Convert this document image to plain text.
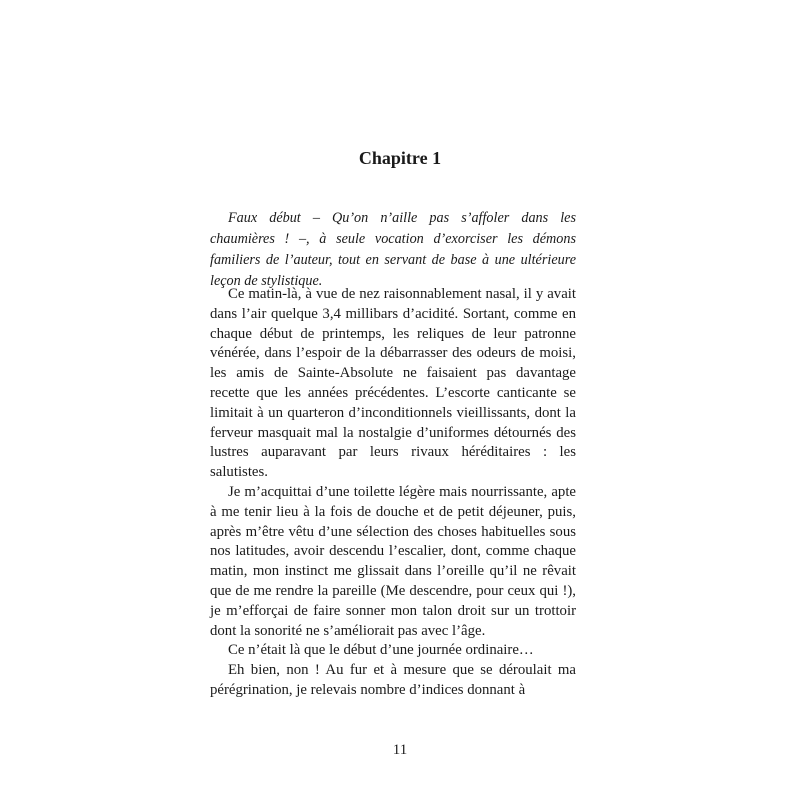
Chapitre 1

Faux début – Qu’on n’aille pas s’affoler dans les chaumières ! –, à seule vocation d’exorciser les démons familiers de l’auteur, tout en servant de base à une ultérieure leçon de stylistique.

Ce matin-là, à vue de nez raisonnablement nasal, il y avait dans l’air quelque 3,4 millibars d’acidité. Sortant, comme en chaque début de printemps, les reliques de leur patronne vénérée, dans l’espoir de la débarrasser des odeurs de moisi, les amis de Sainte-Absolute ne faisaient pas davantage recette que les années précédentes. L’escorte canticante se limitait à un quarteron d’inconditionnels vieillissants, dont la ferveur masquait mal la nostalgie d’uniformes détournés des lustres auparavant par leurs rivaux héréditaires : les salutistes.

Je m’acquittai d’une toilette légère mais nourrissante, apte à me tenir lieu à la fois de douche et de petit déjeuner, puis, après m’être vêtu d’une sélection des choses habituelles sous nos latitudes, avoir descendu l’escalier, dont, comme chaque matin, mon instinct me glissait dans l’oreille qu’il ne rêvait que de me rendre la pareille (Me descendre, pour ceux qui !), je m’efforçai de faire sonner mon talon droit sur un trottoir dont la sonorité ne s’améliorait pas avec l’âge.

Ce n’était là que le début d’une journée ordinaire…

Eh bien, non ! Au fur et à mesure que se déroulait ma pérégrination, je relevais nombre d’indices donnant à

11
